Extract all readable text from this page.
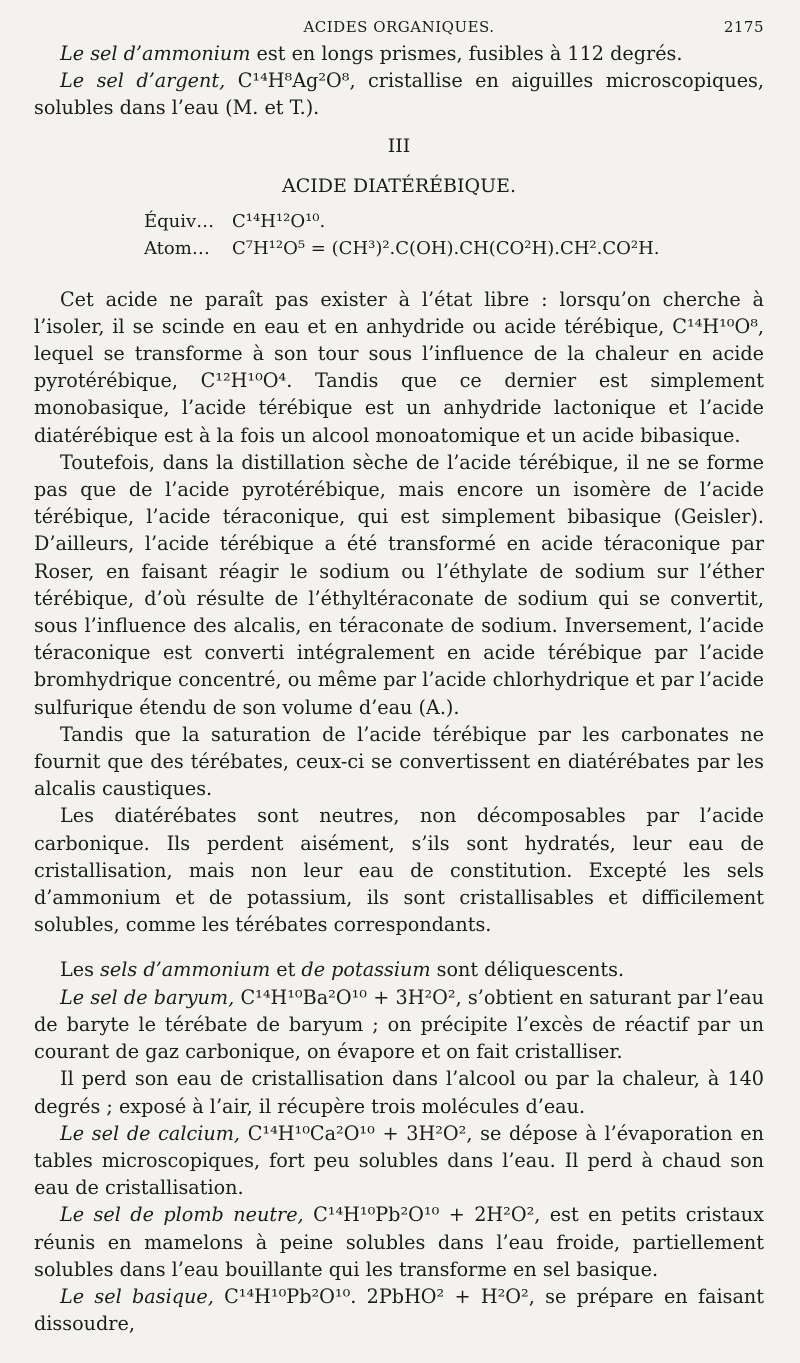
ACIDES ORGANIQUES.	2175

Le sel d’ammonium est en longs prismes, fusibles à 112 degrés.

Le sel d’argent, C¹⁴H⁸Ag²O⁸, cristallise en aiguilles microscopiques, solubles dans l’eau (M. et T.).

III

ACIDE DIATÉRÉBIQUE.

Équiv… C¹⁴H¹²O¹⁰.

Atom… C⁷H¹²O⁵ = (CH³)².C(OH).CH(CO²H).CH².CO²H.

Cet acide ne paraît pas exister à l’état libre : lorsqu’on cherche à l’isoler, il se scinde en eau et en anhydride ou acide térébique, C¹⁴H¹⁰O⁸, lequel se transforme à son tour sous l’influence de la chaleur en acide pyrotérébique, C¹²H¹⁰O⁴. Tandis que ce dernier est simplement monobasique, l’acide térébique est un anhydride lactonique et l’acide diatérébique est à la fois un alcool monoatomique et un acide bibasique.

Toutefois, dans la distillation sèche de l’acide térébique, il ne se forme pas que de l’acide pyrotérébique, mais encore un isomère de l’acide térébique, l’acide téraconique, qui est simplement bibasique (Geisler). D’ailleurs, l’acide térébique a été transformé en acide téraconique par Roser, en faisant réagir le sodium ou l’éthylate de sodium sur l’éther térébique, d’où résulte de l’éthyltéraconate de sodium qui se convertit, sous l’influence des alcalis, en téraconate de sodium. Inversement, l’acide téraconique est converti intégralement en acide térébique par l’acide bromhydrique concentré, ou même par l’acide chlorhydrique et par l’acide sulfurique étendu de son volume d’eau (A.).

Tandis que la saturation de l’acide térébique par les carbonates ne fournit que des térébates, ceux-ci se convertissent en diatérébates par les alcalis caustiques.

Les diatérébates sont neutres, non décomposables par l’acide carbonique. Ils perdent aisément, s’ils sont hydratés, leur eau de cristallisation, mais non leur eau de constitution. Excepté les sels d’ammonium et de potassium, ils sont cristallisables et difficilement solubles, comme les térébates correspondants.

Les sels d’ammonium et de potassium sont déliquescents.

Le sel de baryum, C¹⁴H¹⁰Ba²O¹⁰ + 3H²O², s’obtient en saturant par l’eau de baryte le térébate de baryum ; on précipite l’excès de réactif par un courant de gaz carbonique, on évapore et on fait cristalliser.

Il perd son eau de cristallisation dans l’alcool ou par la chaleur, à 140 degrés ; exposé à l’air, il récupère trois molécules d’eau.

Le sel de calcium, C¹⁴H¹⁰Ca²O¹⁰ + 3H²O², se dépose à l’évaporation en tables microscopiques, fort peu solubles dans l’eau. Il perd à chaud son eau de cristallisation.

Le sel de plomb neutre, C¹⁴H¹⁰Pb²O¹⁰ + 2H²O², est en petits cristaux réunis en mamelons à peine solubles dans l’eau froide, partiellement solubles dans l’eau bouillante qui les transforme en sel basique.

Le sel basique, C¹⁴H¹⁰Pb²O¹⁰. 2PbHO² + H²O², se prépare en faisant dissoudre,
